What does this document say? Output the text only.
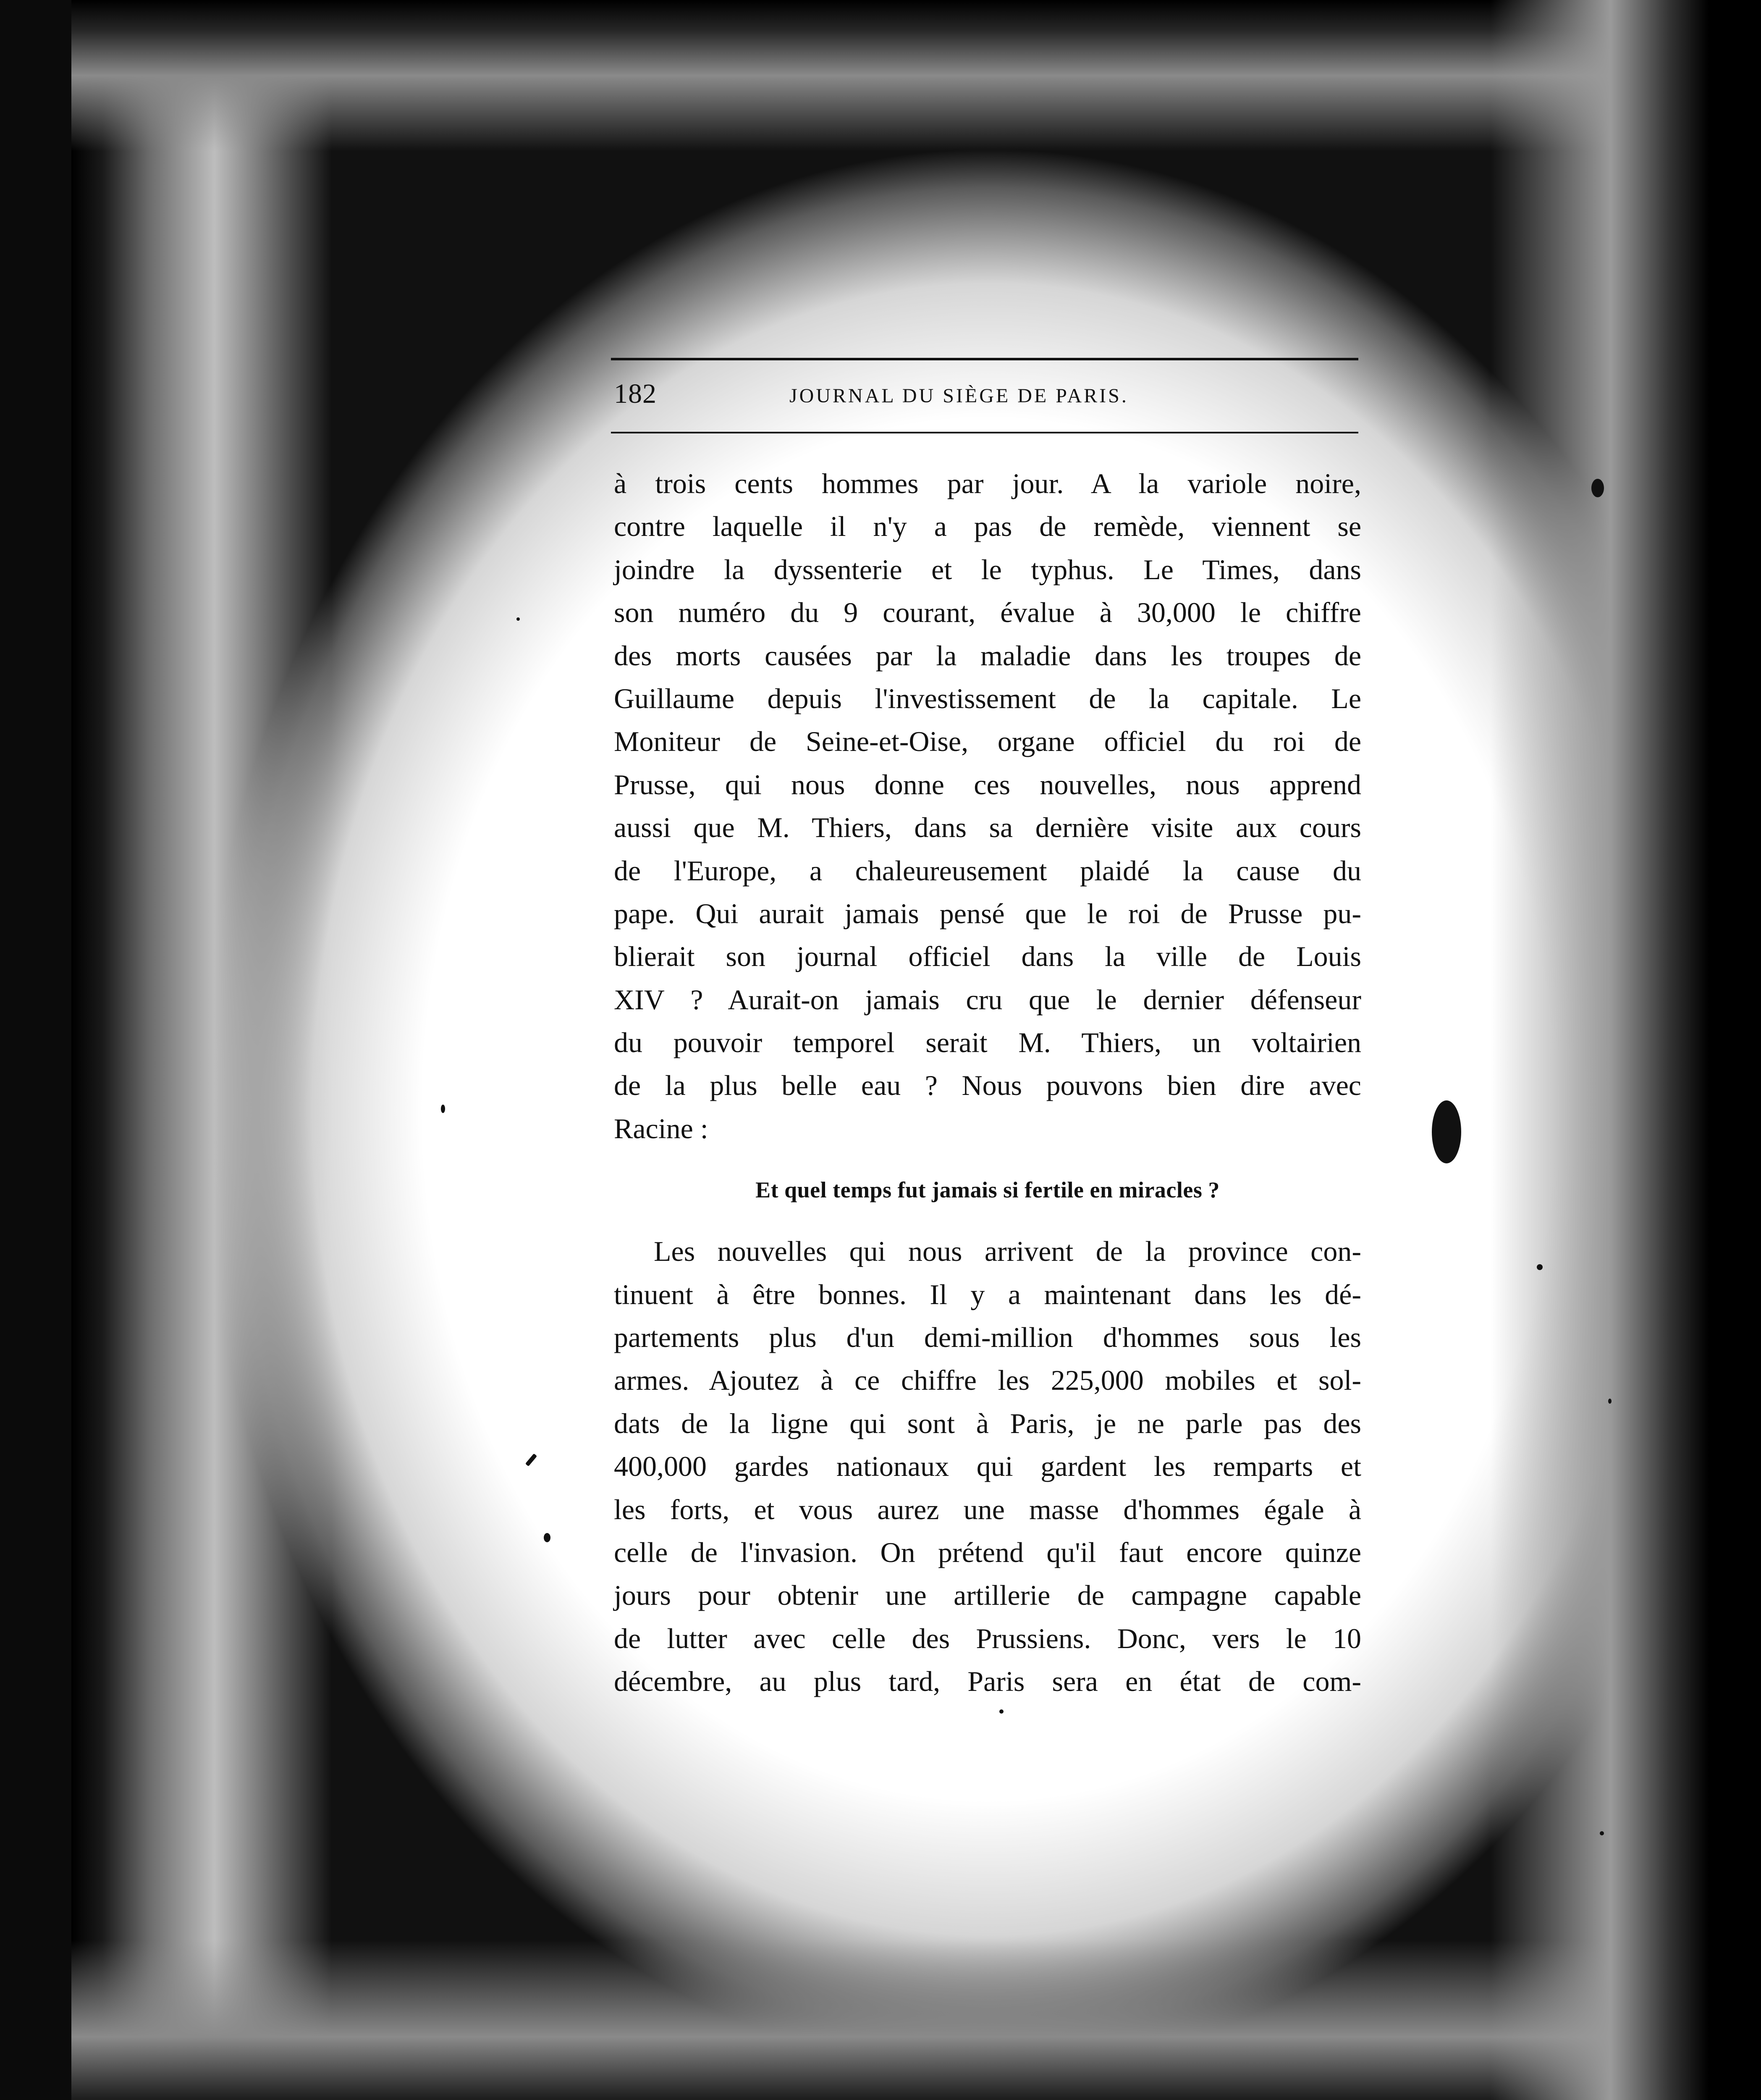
182	JOURNAL DU SIÈGE DE PARIS.
à trois cents hommes par jour. A la variole noire,
contre laquelle il n'y a pas de remède, viennent se
joindre la dyssenterie et le typhus. Le Times, dans
son numéro du 9 courant, évalue à 30,000 le chiffre
des morts causées par la maladie dans les troupes de
Guillaume depuis l'investissement de la capitale. Le
Moniteur de Seine-et-Oise, organe officiel du roi de
Prusse, qui nous donne ces nouvelles, nous apprend
aussi que M. Thiers, dans sa dernière visite aux cours
de l'Europe, a chaleureusement plaidé la cause du
pape. Qui aurait jamais pensé que le roi de Prusse pu-
blierait son journal officiel dans la ville de Louis
XIV ? Aurait-on jamais cru que le dernier défenseur
du pouvoir temporel serait M. Thiers, un voltairien
de la plus belle eau ? Nous pouvons bien dire avec
Racine :
Et quel temps fut jamais si fertile en miracles ?
Les nouvelles qui nous arrivent de la province con-
tinuent à être bonnes. Il y a maintenant dans les dé-
partements plus d'un demi-million d'hommes sous les
armes. Ajoutez à ce chiffre les 225,000 mobiles et sol-
dats de la ligne qui sont à Paris, je ne parle pas des
400,000 gardes nationaux qui gardent les remparts et
les forts, et vous aurez une masse d'hommes égale à
celle de l'invasion. On prétend qu'il faut encore quinze
jours pour obtenir une artillerie de campagne capable
de lutter avec celle des Prussiens. Donc, vers le 10
décembre, au plus tard, Paris sera en état de com-
